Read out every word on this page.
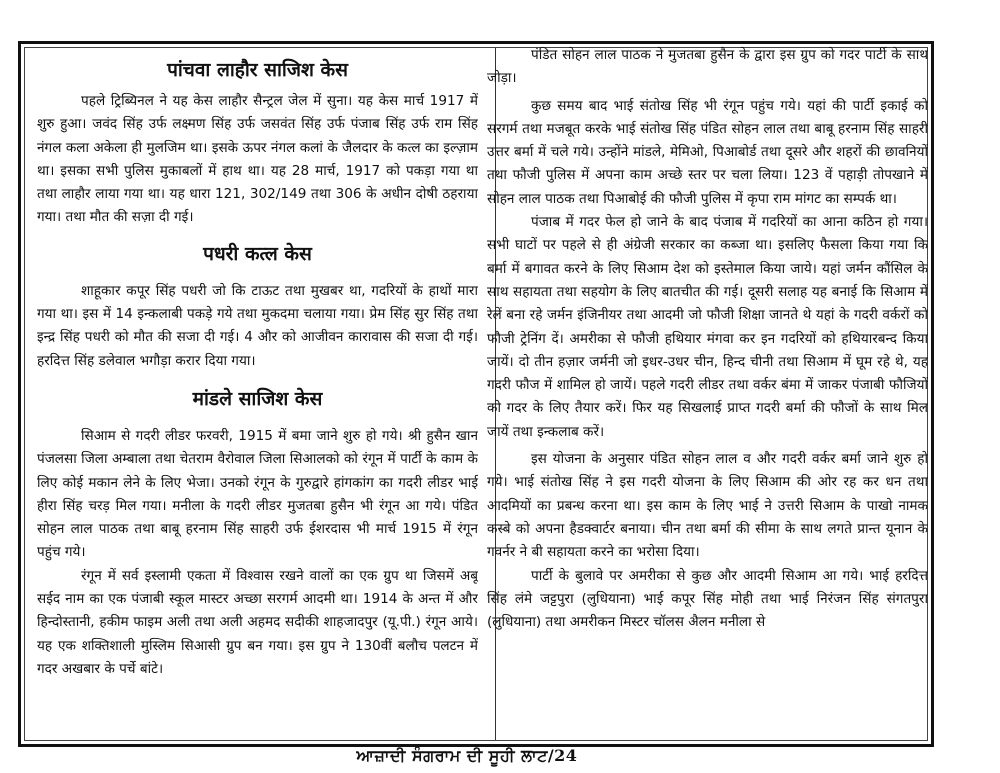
पांचवा लाहौर साजिश केस

पहले ट्रिब्यिनल ने यह केस लाहौर सैन्ट्रल जेल में सुना। यह केस मार्च 1917 में शुरु हुआ। जवंद सिंह उर्फ लक्ष्मण सिंह उर्फ जसवंत सिंह उर्फ पंजाब सिंह उर्फ राम सिंह नंगल कला अकेला ही मुलजिम था। इसके ऊपर नंगल कलां के जैलदार के कत्ल का इल्ज़ाम था। इसका सभी पुलिस मुकाबलों में हाथ था। यह 28 मार्च, 1917 को पकड़ा गया था तथा लाहौर लाया गया था। यह धारा 121, 302/149 तथा 306 के अधीन दोषी ठहराया गया। तथा मौत की सज़ा दी गई।

पधरी कत्ल केस

शाहूकार कपूर सिंह पधरी जो कि टाऊट तथा मुखबर था, गदरियों के हाथों मारा गया था। इस में 14 इन्कलाबी पकड़े गये तथा मुकदमा चलाया गया। प्रेम सिंह सुर सिंह तथा इन्द्र सिंह पधरी को मौत की सजा दी गई। 4 और को आजीवन कारावास की सजा दी गई। हरदित्त सिंह डलेवाल भगौड़ा करार दिया गया।

मांडले साजिश केस

सिआम से गदरी लीडर फरवरी, 1915 में बमा जाने शुरु हो गये। श्री हुसैन खान पंजलसा जिला अम्बाला तथा चेतराम वैरोवाल जिला सिआलको को रंगून में पार्टी के काम के लिए कोई मकान लेने के लिए भेजा। उनको रंगून के गुरुद्वारे हांगकांग का गदरी लीडर भाई हीरा सिंह चरड़ मिल गया। मनीला के गदरी लीडर मुजतबा हुसैन भी रंगून आ गये। पंडित सोहन लाल पाठक तथा बाबू हरनाम सिंह साहरी उर्फ ईशरदास भी मार्च 1915 में रंगून पहुंच गये।

रंगून में सर्व इस्लामी एकता में विश्वास रखने वालों का एक ग्रुप था जिसमें अबू सईद नाम का एक पंजाबी स्कूल मास्टर अच्छा सरगर्म आदमी था। 1914 के अन्त में और हिन्दोस्तानी, हकीम फाइम अली तथा अली अहमद सदीकी शाहजादपुर (यू.पी.) रंगून आये। यह एक शक्तिशाली मुस्लिम सिआसी ग्रुप बन गया। इस ग्रुप ने 130वीं बलौच पलटन में गदर अखबार के पर्चे बांटे।

पंडित सोहन लाल पाठक ने मुजतबा हुसैन के द्वारा इस ग्रुप को गदर पार्टी के साथ जोड़ा।

कुछ समय बाद भाई संतोख सिंह भी रंगून पहुंच गये। यहां की पार्टी इकाई को सरगर्म तथा मजबूत करके भाई संतोख सिंह पंडित सोहन लाल तथा बाबू हरनाम सिंह साहरी उत्तर बर्मा में चले गये। उन्होंने मांडले, मेमिओ, पिआबोर्ड तथा दूसरे और शहरों की छावनियों तथा फौजी पुलिस में अपना काम अच्छे स्तर पर चला लिया। 123 वें पहाड़ी तोपखाने में सोहन लाल पाठक तथा पिआबोई की फौजी पुलिस में कृपा राम मांगट का सम्पर्क था।

पंजाब में गदर फेल हो जाने के बाद पंजाब में गदरियों का आना कठिन हो गया। सभी घाटों पर पहले से ही अंग्रेजी सरकार का कब्जा था। इसलिए फैसला किया गया कि बर्मा में बगावत करने के लिए सिआम देश को इस्तेमाल किया जाये। यहां जर्मन कौंसिल के साथ सहायता तथा सहयोग के लिए बातचीत की गई। दूसरी सलाह यह बनाई कि सिआम में रेलें बना रहे जर्मन इंजिनीयर तथा आदमी जो फौजी शिक्षा जानते थे यहां के गदरी वर्करों को फौजी ट्रेनिंग दें। अमरीका से फौजी हथियार मंगवा कर इन गदरियों को हथियारबन्द किया जायें। दो तीन हज़ार जर्मनी जो इधर-उधर चीन, हिन्द चीनी तथा सिआम में घूम रहे थे, यह गदरी फौज में शामिल हो जायें। पहले गदरी लीडर तथा वर्कर बंमा में जाकर पंजाबी फौजियों को गदर के लिए तैयार करें। फिर यह सिखलाई प्राप्त गदरी बर्मा की फौजों के साथ मिल जायें तथा इन्कलाब करें।

इस योजना के अनुसार पंडित सोहन लाल व और गदरी वर्कर बर्मा जाने शुरु हो गये। भाई संतोख सिंह ने इस गदरी योजना के लिए सिआम की ओर रह कर धन तथा आदमियों का प्रबन्ध करना था। इस काम के लिए भाई ने उत्तरी सिआम के पाखो नामक कस्बे को अपना हैडक्वार्टर बनाया। चीन तथा बर्मा की सीमा के साथ लगते प्रान्त यूनान के गवर्नर ने बी सहायता करने का भरोसा दिया।

पार्टी के बुलावे पर अमरीका से कुछ और आदमी सिआम आ गये। भाई हरदित्त सिंह लंमे जट्टपुरा (लुधियाना) भाई कपूर सिंह मोही तथा भाई निरंजन सिंह संगतपुरा (लुधियाना) तथा अमरीकन मिस्टर चॉलस अैलन मनीला से

ਆਜ਼ਾਦੀ ਸੰਗਰਾਮ ਦੀ ਸੂਹੀ ਲਾਟ/24
